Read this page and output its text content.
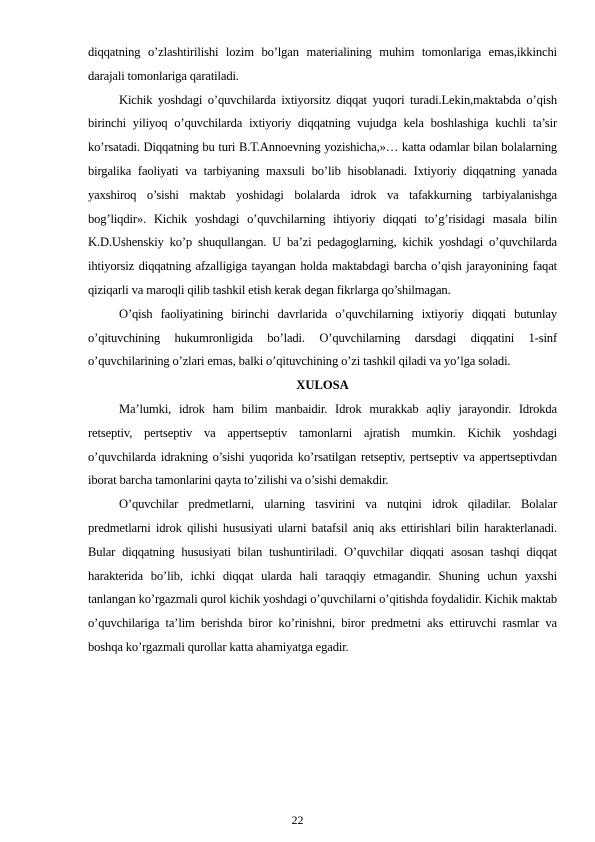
diqqatning o’zlashtirilishi lozim bo’lgan materialining muhim tomonlariga emas,ikkinchi darajali tomonlariga qaratiladi.

Kichik yoshdagi o’quvchilarda ixtiyorsitz diqqat yuqori turadi.Lekin,maktabda o’qish birinchi yiliyoq o’quvchilarda ixtiyoriy diqqatning vujudga kela boshlashiga kuchli ta’sir ko’rsatadi. Diqqatning bu turi B.T.Annoevning yozishicha,»… katta odamlar bilan bolalarning birgalika faoliyati va tarbiyaning maxsuli bo’lib hisoblanadi. Ixtiyoriy diqqatning yanada yaxshiroq o’sishi maktab yoshidagi bolalarda idrok va tafakkurning tarbiyalanishga bog’liqdir». Kichik yoshdagi o’quvchilarning ihtiyoriy diqqati to’g’risidagi masala bilin K.D.Ushenskiy ko’p shuqullangan. U ba’zi pedagoglarning, kichik yoshdagi o’quvchilarda ihtiyorsiz diqqatning afzalligiga tayangan holda maktabdagi barcha o’qish jarayonining faqat qiziqarli va maroqli qilib tashkil etish kerak degan fikrlarga qo’shilmagan.

O’qish faoliyatining birinchi davrlarida o’quvchilarning ixtiyoriy diqqati butunlay o’qituvchining hukumronligida bo’ladi. O’quvchilarning darsdagi diqqatini 1-sinf o’quvchilarining o’zlari emas, balki o’qituvchining o’zi tashkil qiladi va yo’lga soladi.

XULOSA

Ma’lumki, idrok ham bilim manbaidir. Idrok murakkab aqliy jarayondir. Idrokda retseptiv, pertseptiv va appertseptiv tamonlarni ajratish mumkin. Kichik yoshdagi o’quvchilarda idrakning o’sishi yuqorida ko’rsatilgan retseptiv, pertseptiv va appertseptivdan iborat barcha tamonlarini qayta to’zilishi va o’sishi demakdir.

O’quvchilar predmetlarni, ularning tasvirini va nutqini idrok qiladilar. Bolalar predmetlarni idrok qilishi hususiyati ularni batafsil aniq aks ettirishlari bilin harakterlanadi. Bular diqqatning hususiyati bilan tushuntiriladi. O’quvchilar diqqati asosan tashqi diqqat harakterida bo’lib, ichki diqqat ularda hali taraqqiy etmagandir. Shuning uchun yaxshi tanlangan ko’rgazmali qurol kichik yoshdagi o’quvchilarni o’qitishda foydalidir. Kichik maktab o’quvchilariga ta’lim berishda biror ko’rinishni, biror predmetni aks ettiruvchi rasmlar va boshqa ko’rgazmali qurollar katta ahamiyatga egadir.

22
